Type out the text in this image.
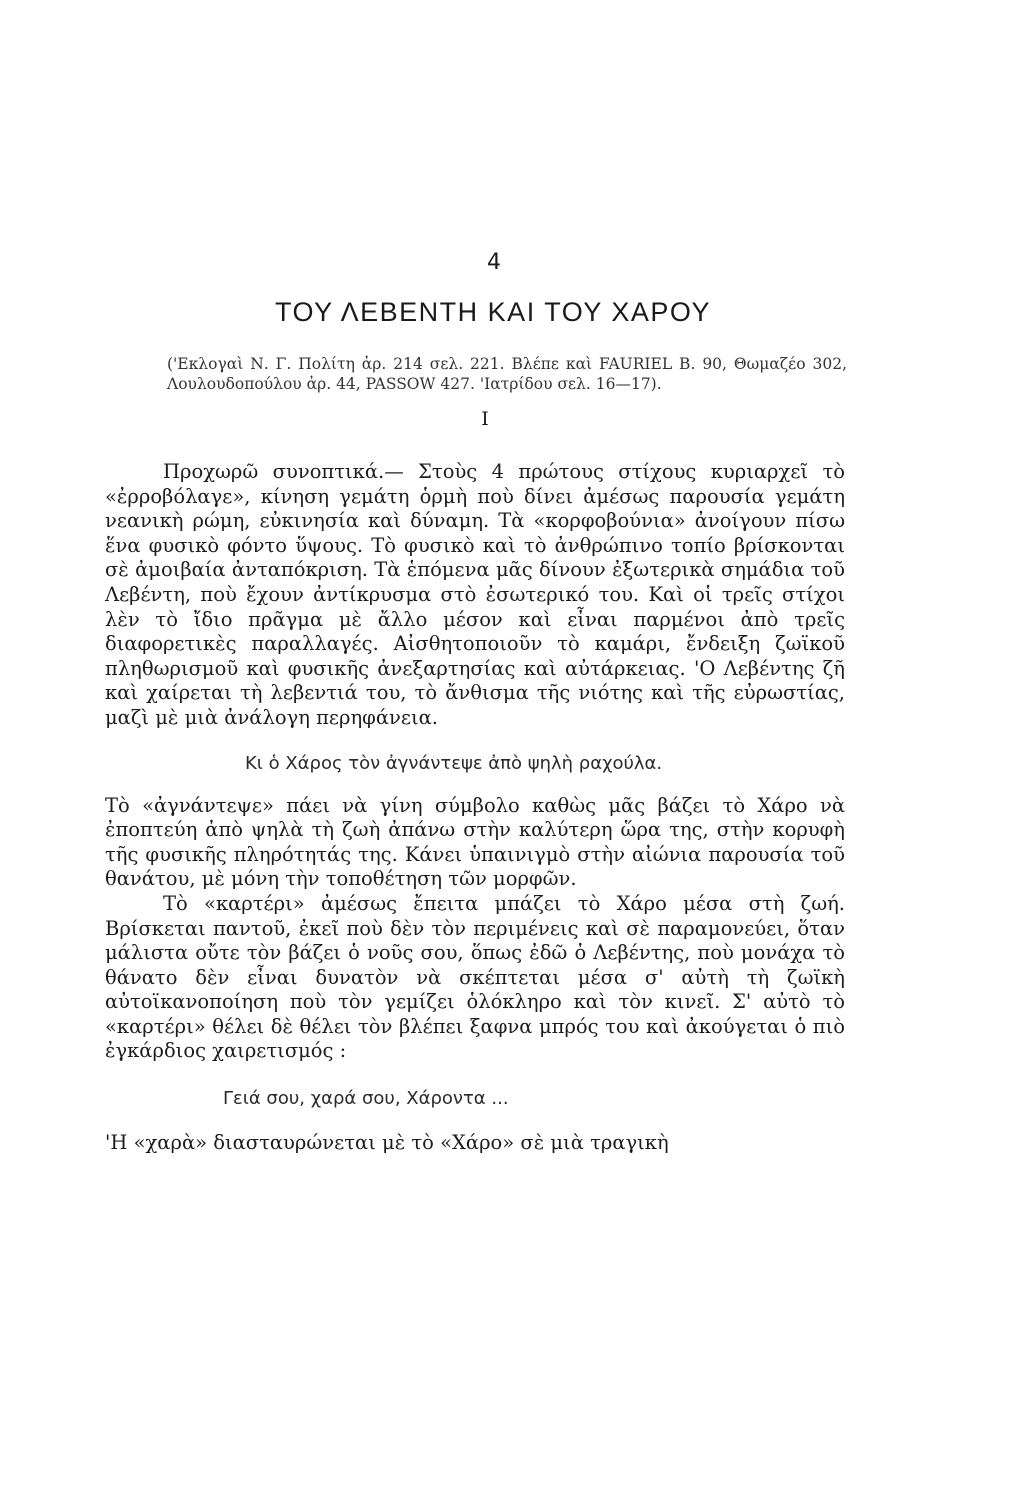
4
ΤΟΥ ΛΕΒΕΝΤΗ ΚΑΙ ΤΟΥ ΧΑΡΟΥ

('Εκλογαὶ Ν. Γ. Πολίτη ἀρ. 214 σελ. 221. Βλέπε καὶ FAURIEL B. 90, Θωμαζέο 302, Λουλουδοπούλου ἀρ. 44, PASSOW 427. 'Ιατρίδου σελ. 16—17).

I

Προχωρῶ συνοπτικά.— Στοὺς 4 πρώτους στίχους κυριαρχεῖ τὸ «ἐρροβόλαγε», κίνηση γεμάτη ὁρμὴ ποὺ δίνει ἀμέσως παρουσία γεμάτη νεανικὴ ρώμη, εὐκινησία καὶ δύναμη. Τὰ «κορφοβούνια» ἀνοίγουν πίσω ἕνα φυσικὸ φόντο ὕψους. Τὸ φυσικὸ καὶ τὸ ἀνθρώπινο τοπίο βρίσκονται σὲ ἀμοιβαία ἀνταπόκριση. Τὰ ἑπόμενα μᾶς δίνουν ἐξωτερικὰ σημάδια τοῦ Λεβέντη, ποὺ ἔχουν ἀντίκρυσμα στὸ ἐσωτερικό του. Καὶ οἱ τρεῖς στίχοι λὲν τὸ ἴδιο πρᾶγμα μὲ ἄλλο μέσον καὶ εἶναι παρμένοι ἀπὸ τρεῖς διαφορετικὲς παραλλαγές. Αἰσθητοποιοῦν τὸ καμάρι, ἔνδειξη ζωϊκοῦ πληθωρισμοῦ καὶ φυσικῆς ἀνεξαρτησίας καὶ αὐτάρκειας. 'Ο Λεβέντης ζῆ καὶ χαίρεται τὴ λεβεντιά του, τὸ ἄνθισμα τῆς νιότης καὶ τῆς εὐρωστίας, μαζὶ μὲ μιὰ ἀνάλογη περηφάνεια.

Κι ὁ Χάρος τὸν ἀγνάντεψε ἀπὸ ψηλὴ ραχούλα.

Τὸ «ἀγνάντεψε» πάει νὰ γίνη σύμβολο καθὼς μᾶς βάζει τὸ Χάρο νὰ ἐποπτεύη ἀπὸ ψηλὰ τὴ ζωὴ ἀπάνω στὴν καλύτερη ὥρα της, στὴν κορυφὴ τῆς φυσικῆς πληρότητάς της. Κάνει ὑπαινιγμὸ στὴν αἰώνια παρουσία τοῦ θανάτου, μὲ μόνη τὴν τοποθέτηση τῶν μορφῶν.

Τὸ «καρτέρι» ἀμέσως ἔπειτα μπάζει τὸ Χάρο μέσα στὴ ζωή. Βρίσκεται παντοῦ, ἐκεῖ ποὺ δὲν τὸν περιμένεις καὶ σὲ παραμονεύει, ὅταν μάλιστα οὔτε τὸν βάζει ὁ νοῦς σου, ὅπως ἐδῶ ὁ Λεβέντης, ποὺ μονάχα τὸ θάνατο δὲν εἶναι δυνατὸν νὰ σκέπτεται μέσα σ' αὐτὴ τὴ ζωϊκὴ αὐτοϊκανοποίηση ποὺ τὸν γεμίζει ὁλόκληρο καὶ τὸν κινεῖ. Σ' αὐτὸ τὸ «καρτέρι» θέλει δὲ θέλει τὸν βλέπει ξαφνα μπρός του καὶ ἀκούγεται ὁ πιὸ ἐγκάρδιος χαιρετισμός :

Γειά σου, χαρά σου, Χάροντα ...

'Η «χαρὰ» διασταυρώνεται μὲ τὸ «Χάρο» σὲ μιὰ τραγικὴ
